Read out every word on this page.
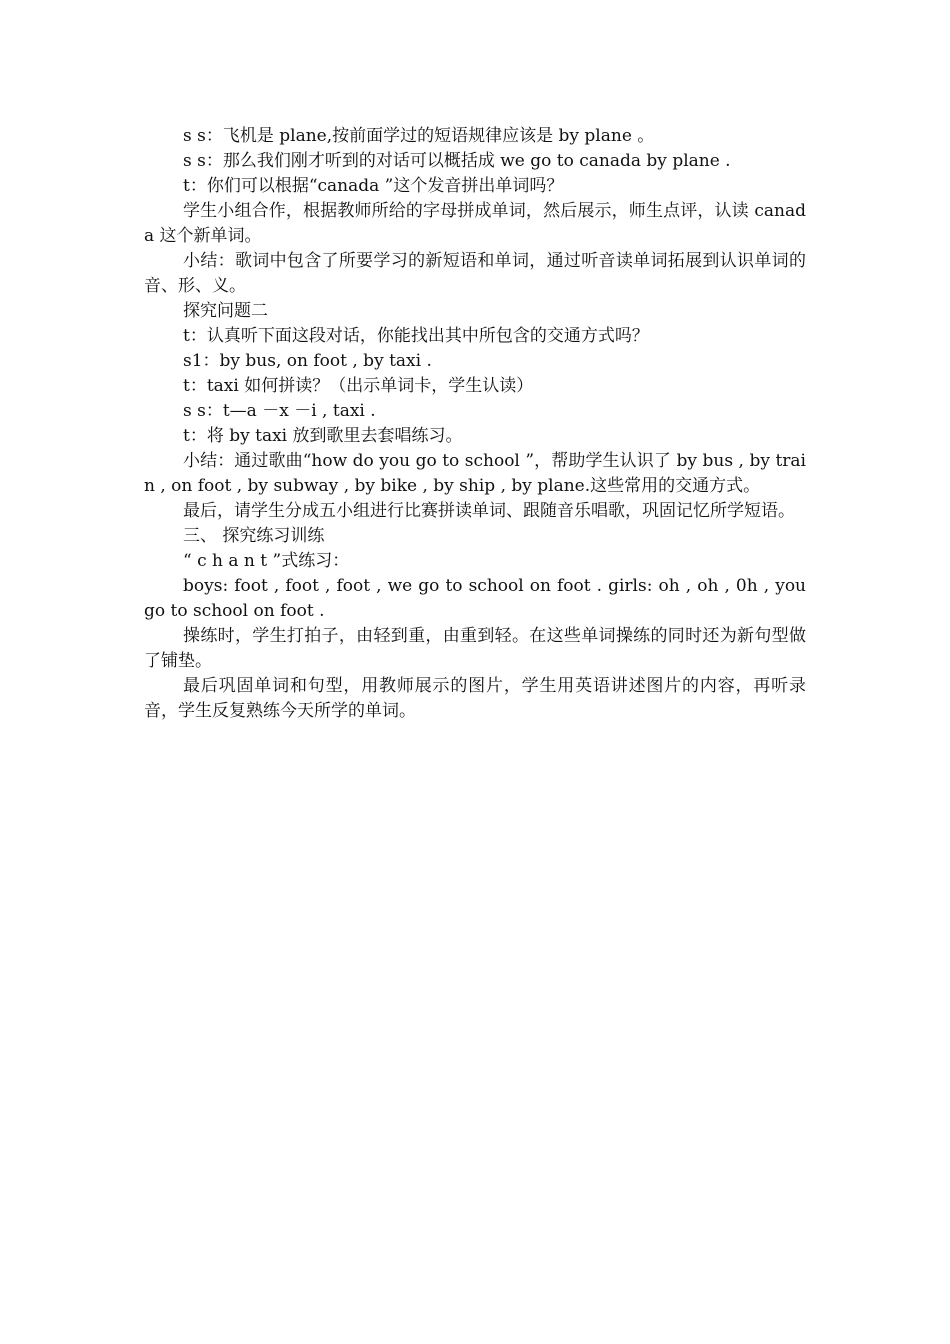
s s：飞机是 plane,按前面学过的短语规律应该是 by plane 。

s s：那么我们刚才听到的对话可以概括成 we go to canada by plane .

t：你们可以根据“canada ”这个发音拼出单词吗？

学生小组合作，根据教师所给的字母拼成单词，然后展示，师生点评，认读 canada 这个新单词。

小结：歌词中包含了所要学习的新短语和单词，通过听音读单词拓展到认识单词的音、形、义。

探究问题二

t：认真听下面这段对话，你能找出其中所包含的交通方式吗？

s1：by bus, on foot , by taxi .

t：taxi 如何拼读？（出示单词卡，学生认读）

s s：t—a －x －i , taxi .

t：将 by taxi 放到歌里去套唱练习。

小结：通过歌曲“how do you go to school ”，帮助学生认识了 by bus , by train , on foot , by subway , by bike , by ship , by plane.这些常用的交通方式。

最后，请学生分成五小组进行比赛拼读单词、跟随音乐唱歌，巩固记忆所学短语。

三、 探究练习训练

“ c h a n t ”式练习：

boys: foot , foot , foot , we go to school on foot . girls: oh , oh , 0h , you go to school on foot .

操练时，学生打拍子，由轻到重，由重到轻。在这些单词操练的同时还为新句型做了铺垫。

最后巩固单词和句型，用教师展示的图片，学生用英语讲述图片的内容，再听录音，学生反复熟练今天所学的单词。
